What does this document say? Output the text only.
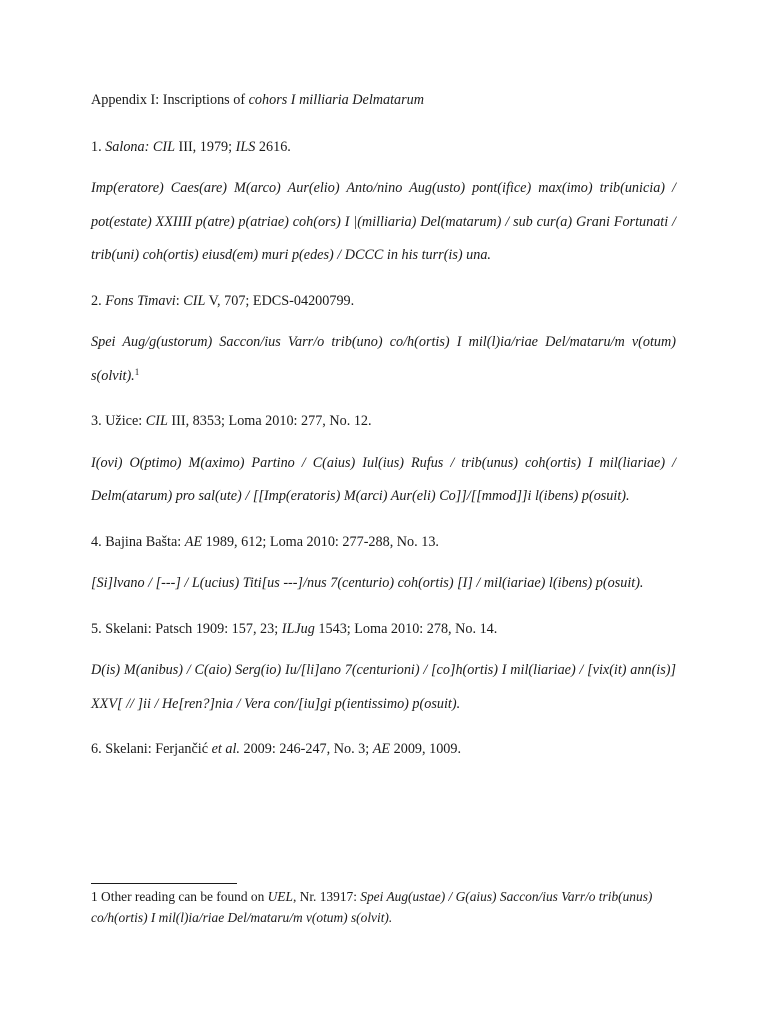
Appendix I: Inscriptions of cohors I milliaria Delmatarum

1. Salona: CIL III, 1979; ILS 2616.

Imp(eratore) Caes(are) M(arco) Aur(elio) Anto/nino Aug(usto) pont(ifice) max(imo) trib(unicia) / pot(estate) XXIIII p(atre) p(atriae) coh(ors) I |(milliaria) Del(matarum) / sub cur(a) Grani Fortunati / trib(uni) coh(ortis) eiusd(em) muri p(edes) / DCCC in his turr(is) una.

2. Fons Timavi: CIL V, 707; EDCS-04200799.

Spei Aug/g(ustorum) Saccon/ius Varr/o trib(uno) co/h(ortis) I mil(l)ia/riae Del/mataru/m v(otum) s(olvit).$^1$

3. Užice: CIL III, 8353; Loma 2010: 277, No. 12.

I(ovi) O(ptimo) M(aximo) Partino / C(aius) Iul(ius) Rufus / trib(unus) coh(ortis) I mil(liariae) / Delm(atarum) pro sal(ute) / [[Imp(eratoris) M(arci) Aur(eli) Co]]/[[mmod]]i l(ibens) p(osuit).

4. Bajina Bašta: AE 1989, 612; Loma 2010: 277-288, No. 13.

[Si]lvano / [---] / L(ucius) Titi[us ---]/nus 7(centurio) coh(ortis) [I] / mil(iariae) l(ibens) p(osuit).

5. Skelani: Patsch 1909: 157, 23; ILJug 1543; Loma 2010: 278, No. 14.

D(is) M(anibus) / C(aio) Serg(io) Iu/[li]ano 7(centurioni) / [co]h(ortis) I mil(liariae) / [vix(it) ann(is)] XXV[ // ]ii / He[ren?]nia / Vera con/[iu]gi p(ientissimo) p(osuit).

6. Skelani: Ferjančić et al. 2009: 246-247, No. 3; AE 2009, 1009.

1 Other reading can be found on UEL, Nr. 13917: Spei Aug(ustae) / G(aius) Saccon/ius Varr/o trib(unus) co/h(ortis) I mil(l)ia/riae Del/mataru/m v(otum) s(olvit).
